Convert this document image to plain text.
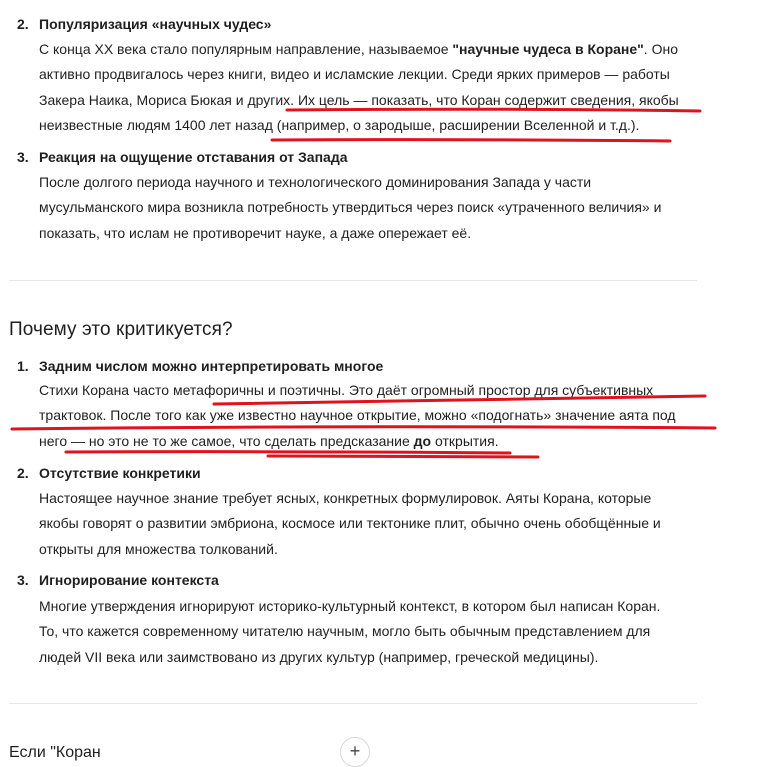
2. Популяризация «научных чудес»
С конца XX века стало популярным направление, называемое "научные чудеса в Коране". Оно
активно продвигалось через книги, видео и исламские лекции. Среди ярких примеров — работы
Закера Наика, Мориса Бюкая и других. Их цель — показать, что Коран содержит сведения, якобы
неизвестные людям 1400 лет назад (например, о зародыше, расширении Вселенной и т.д.).
3. Реакция на ощущение отставания от Запада
После долгого периода научного и технологического доминирования Запада у части
мусульманского мира возникла потребность утвердиться через поиск «утраченного величия» и
показать, что ислам не противоречит науке, а даже опережает её.
Почему это критикуется?
1. Задним числом можно интерпретировать многое
Стихи Корана часто метафоричны и поэтичны. Это даёт огромный простор для субъективных
трактовок. После того как уже известно научное открытие, можно «подогнать» значение аята под
него — но это не то же самое, что сделать предсказание до открытия.
2. Отсутствие конкретики
Настоящее научное знание требует ясных, конкретных формулировок. Аяты Корана, которые
якобы говорят о развитии эмбриона, космосе или тектонике плит, обычно очень обобщённые и
открыты для множества толкований.
3. Игнорирование контекста
Многие утверждения игнорируют историко-культурный контекст, в котором был написан Коран.
То, что кажется современному читателю научным, могло быть обычным представлением для
людей VII века или заимствовано из других культур (например, греческой медицины).
Если "Коран	+
